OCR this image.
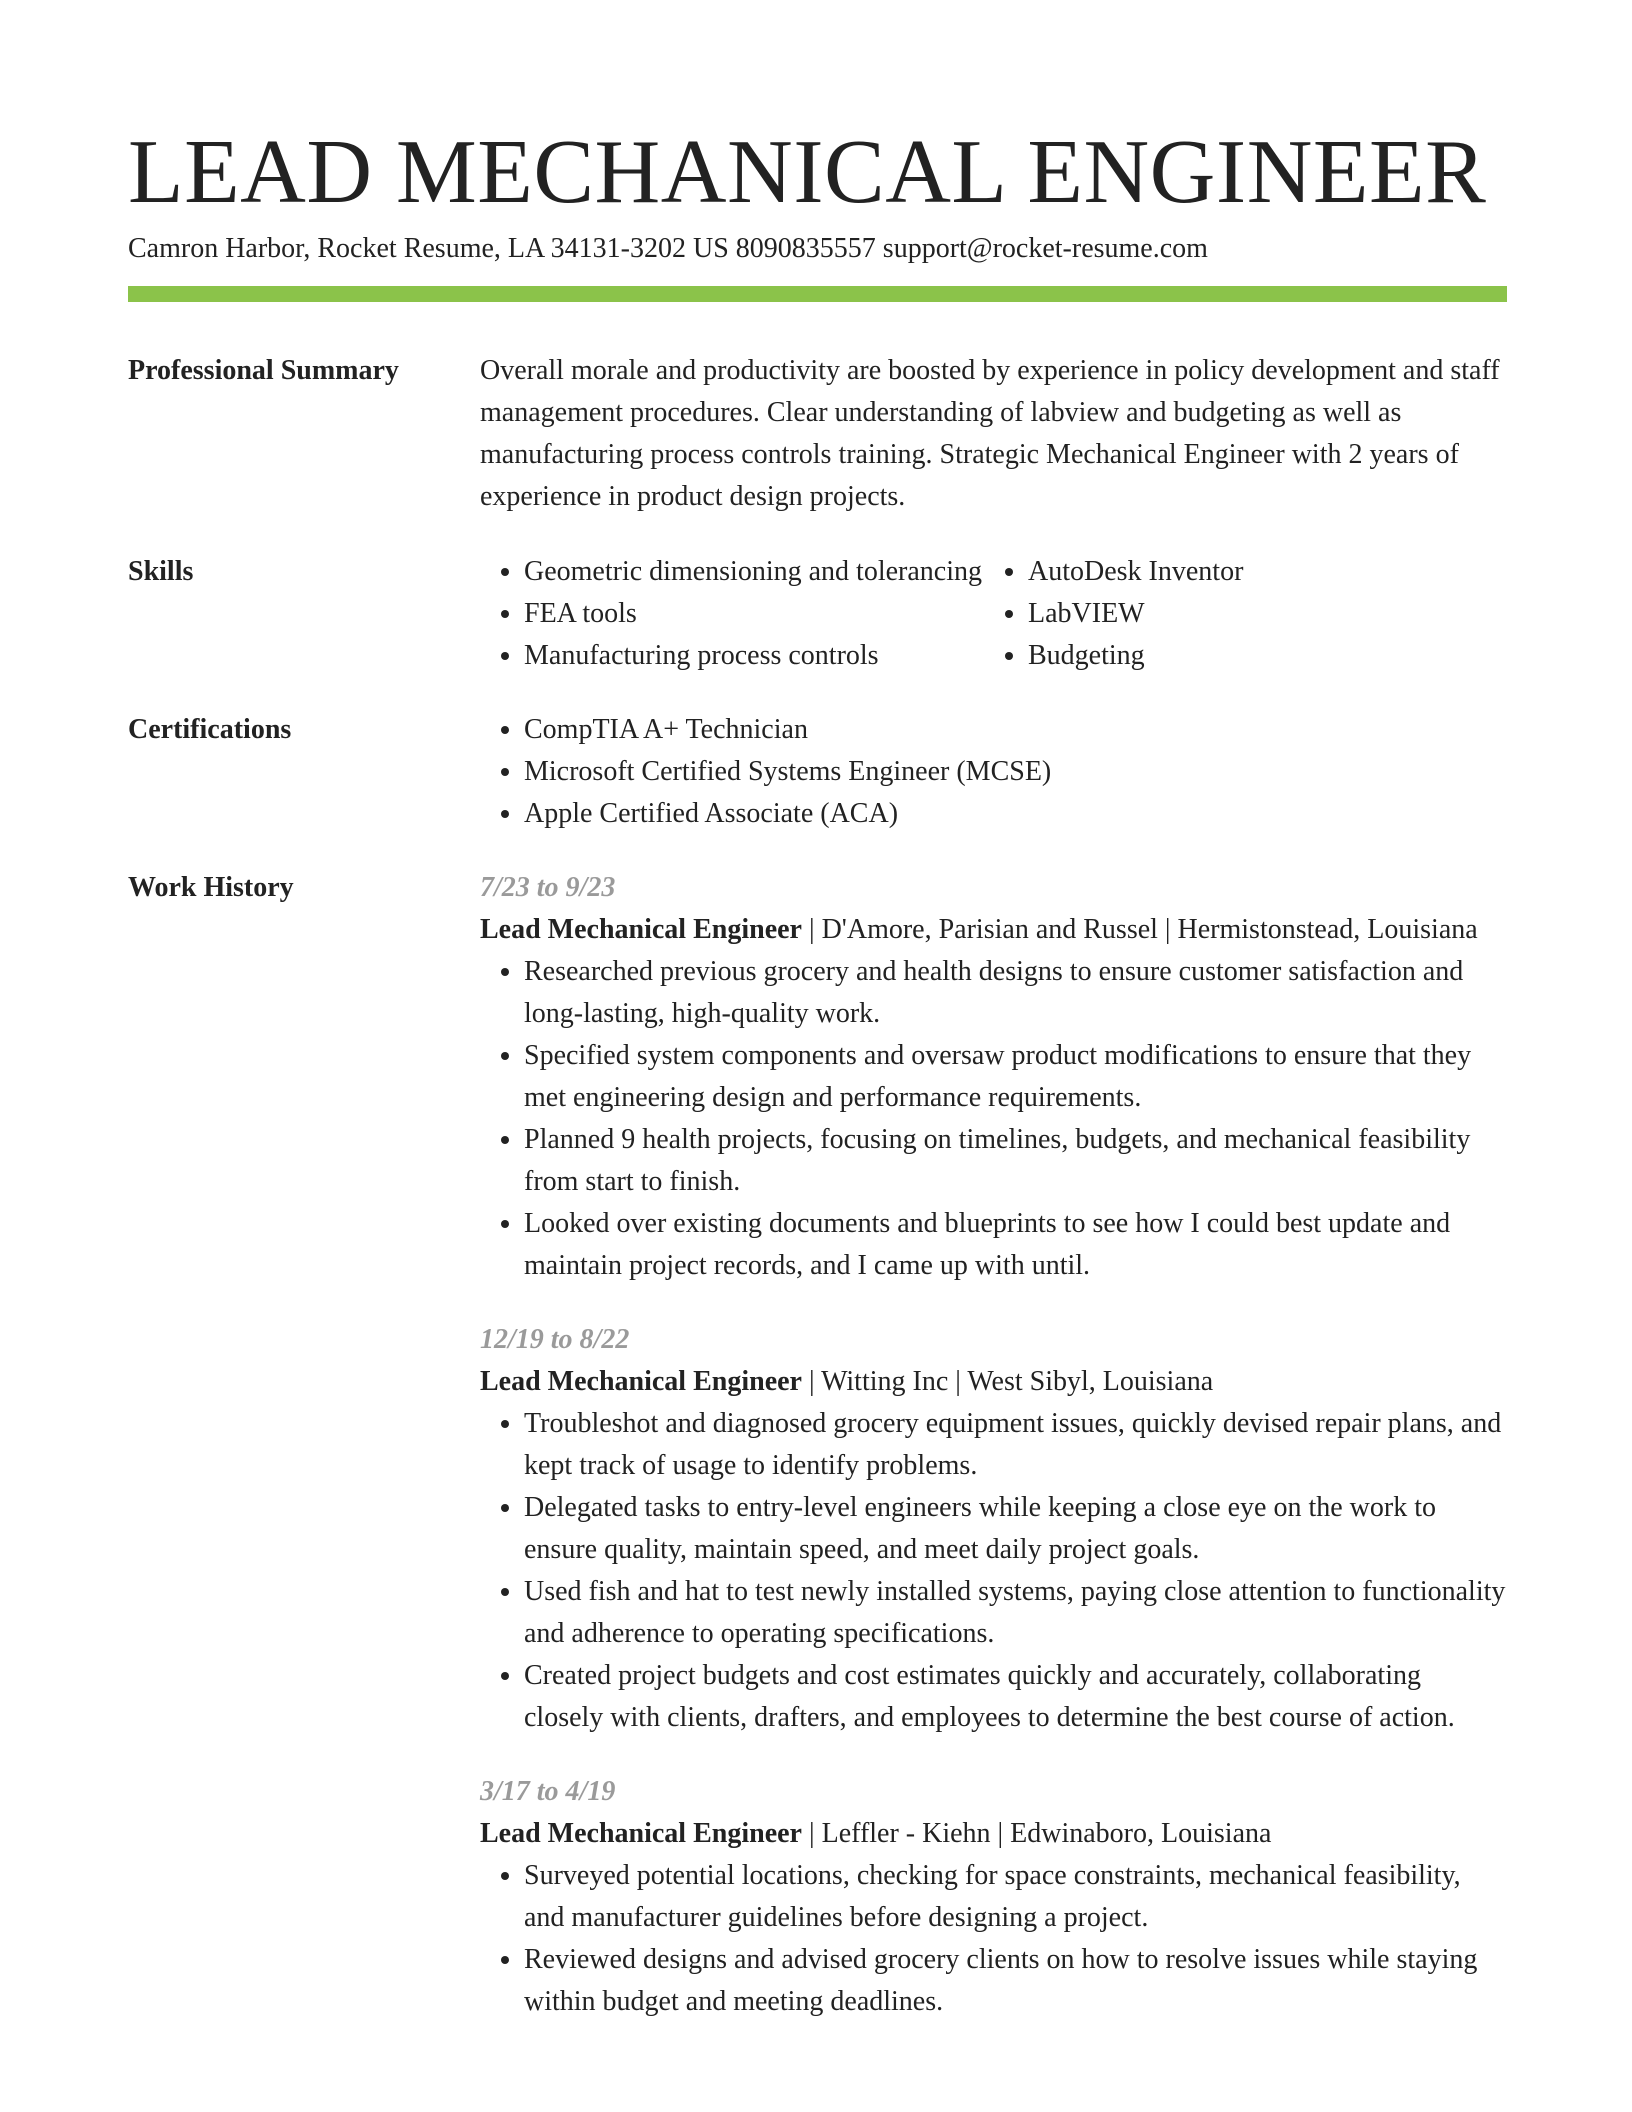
LEAD MECHANICAL ENGINEER
Camron Harbor, Rocket Resume, LA 34131-3202 US 8090835557 support@rocket-resume.com
Professional Summary	Overall morale and productivity are boosted by experience in policy development and staff management procedures. Clear understanding of labview and budgeting as well as manufacturing process controls training. Strategic Mechanical Engineer with 2 years of experience in product design projects.

Skills	• Geometric dimensioning and tolerancing
• FEA tools
• Manufacturing process controls
• AutoDesk Inventor
• LabVIEW
• Budgeting
Certifications	• CompTIA A+ Technician
• Microsoft Certified Systems Engineer (MCSE)
• Apple Certified Associate (ACA)
Work History	7/23 to 9/23

Lead Mechanical Engineer | D'Amore, Parisian and Russel | Hermistonstead, Louisiana

• Researched previous grocery and health designs to ensure customer satisfaction and long-lasting, high-quality work.
• Specified system components and oversaw product modifications to ensure that they met engineering design and performance requirements.
• Planned 9 health projects, focusing on timelines, budgets, and mechanical feasibility from start to finish.
• Looked over existing documents and blueprints to see how I could best update and maintain project records, and I came up with until.
12/19 to 8/22

Lead Mechanical Engineer | Witting Inc | West Sibyl, Louisiana

• Troubleshot and diagnosed grocery equipment issues, quickly devised repair plans, and kept track of usage to identify problems.
• Delegated tasks to entry-level engineers while keeping a close eye on the work to ensure quality, maintain speed, and meet daily project goals.
• Used fish and hat to test newly installed systems, paying close attention to functionality and adherence to operating specifications.
• Created project budgets and cost estimates quickly and accurately, collaborating closely with clients, drafters, and employees to determine the best course of action.
3/17 to 4/19

Lead Mechanical Engineer | Leffler - Kiehn | Edwinaboro, Louisiana

• Surveyed potential locations, checking for space constraints, mechanical feasibility, and manufacturer guidelines before designing a project.
• Reviewed designs and advised grocery clients on how to resolve issues while staying within budget and meeting deadlines.
